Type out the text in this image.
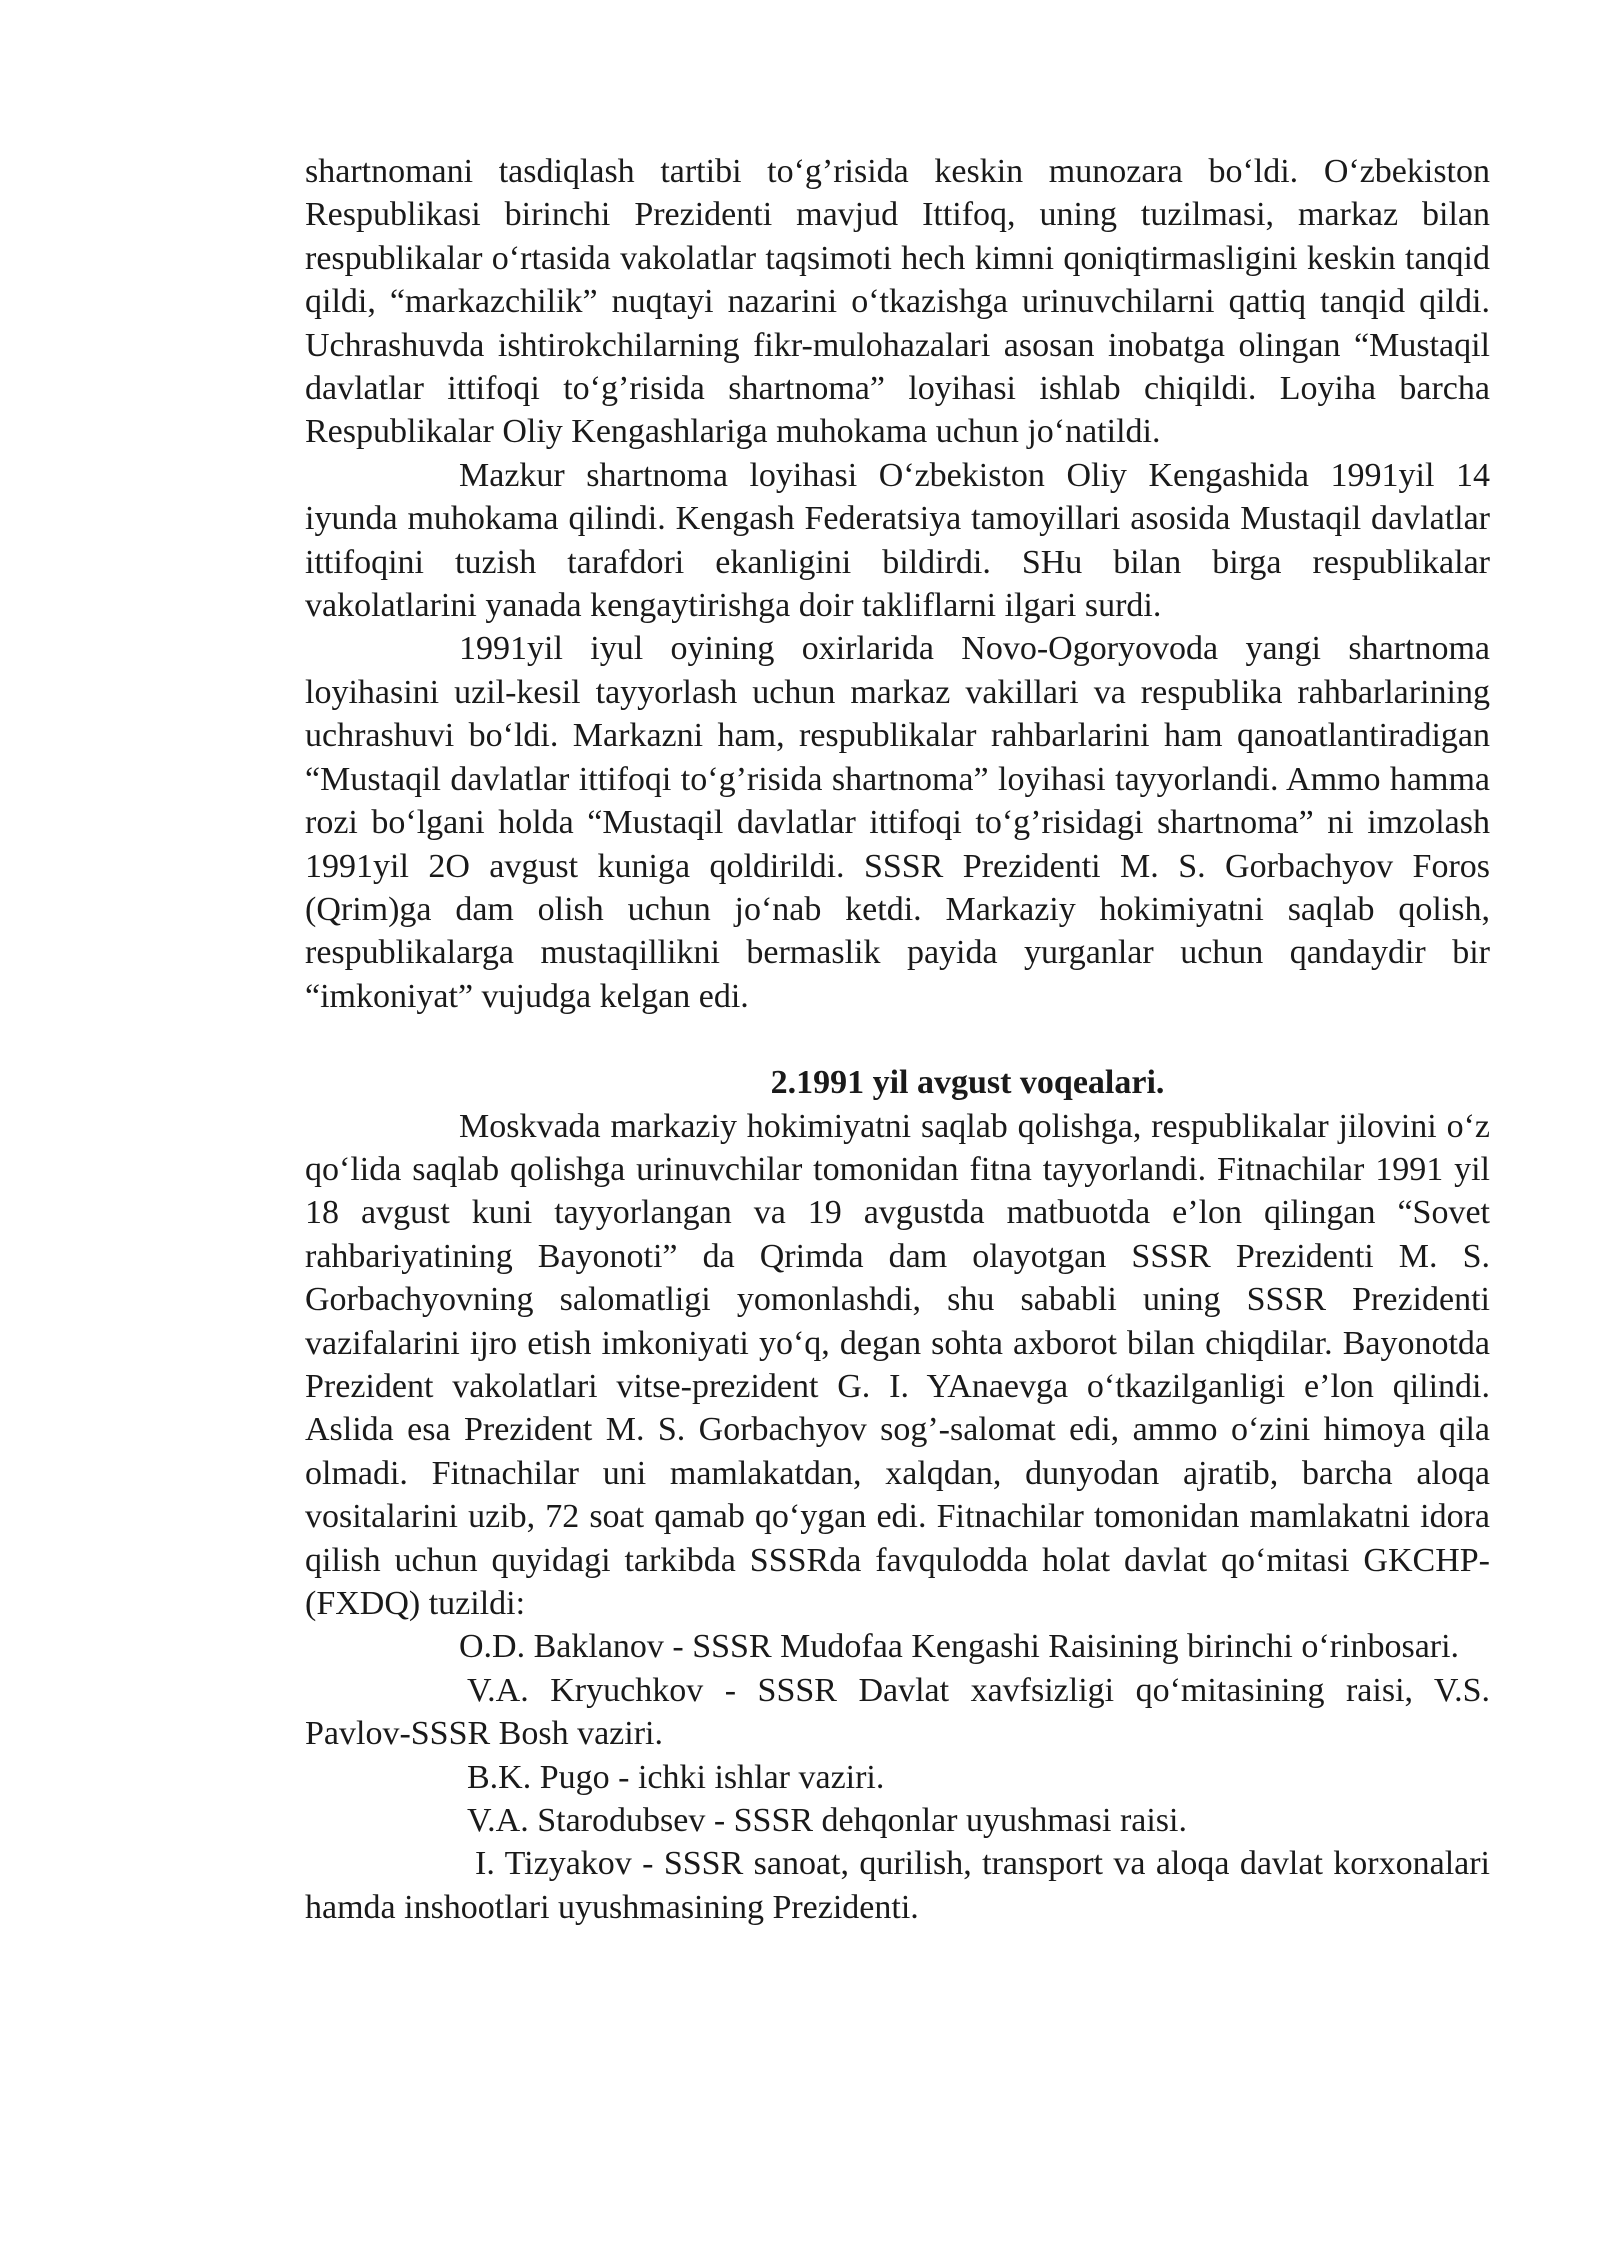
shartnomani tasdiqlash tartibi to‘g’risida keskin munozara bo‘ldi. O‘zbekiston Respublikasi birinchi Prezidenti mavjud Ittifoq, uning tuzilmasi, markaz bilan respublikalar o‘rtasida vakolatlar taqsimoti hech kimni qoniqtirmasligini keskin tanqid qildi, “markazchilik” nuqtayi nazarini o‘tkazishga urinuvchilarni qattiq tanqid qildi. Uchrashuvda ishtirokchilarning fikr-mulohazalari asosan inobatga olingan “Mustaqil davlatlar ittifoqi to‘g’risida shartnoma” loyihasi ishlab chiqildi. Loyiha barcha Respublikalar Oliy Kengashlariga muhokama uchun jo‘natildi.

Mazkur shartnoma loyihasi O‘zbekiston Oliy Kengashida 1991yil 14 iyunda muhokama qilindi. Kengash Federatsiya tamoyillari asosida Mustaqil davlatlar ittifoqini tuzish tarafdori ekanligini bildirdi. SHu bilan birga respublikalar vakolatlarini yanada kengaytirishga doir takliflarni ilgari surdi.

1991yil iyul oyining oxirlarida Novo-Ogoryovoda yangi shartnoma loyihasini uzil-kesil tayyorlash uchun markaz vakillari va respublika rahbarlarining uchrashuvi bo‘ldi. Markazni ham, respublikalar rahbarlarini ham qanoatlantiradigan “Mustaqil davlatlar ittifoqi to‘g’risida shartnoma” loyihasi tayyorlandi. Ammo hamma rozi bo‘lgani holda “Mustaqil davlatlar ittifoqi to‘g’risidagi shartnoma” ni imzolash 1991yil 2O avgust kuniga qoldirildi. SSSR Prezidenti M. S. Gorbachyov Foros (Qrim)ga dam olish uchun jo‘nab ketdi. Markaziy hokimiyatni saqlab qolish, respublikalarga mustaqillikni bermaslik payida yurganlar uchun qandaydir bir “imkoniyat” vujudga kelgan edi.

2.1991 yil avgust voqealari.

Moskvada markaziy hokimiyatni saqlab qolishga, respublikalar jilovini o‘z qo‘lida saqlab qolishga urinuvchilar tomonidan fitna tayyorlandi. Fitnachilar 1991 yil 18 avgust kuni tayyorlangan va 19 avgustda matbuotda e’lon qilingan “Sovet rahbariyatining Bayonoti” da Qrimda dam olayotgan SSSR Prezidenti M. S. Gorbachyovning salomatligi yomonlashdi, shu sababli uning SSSR Prezidenti vazifalarini ijro etish imkoniyati yo‘q, degan sohta axborot bilan chiqdilar. Bayonotda Prezident vakolatlari vitse-prezident G. I. YAnaevga o‘tkazilganligi e’lon qilindi. Aslida esa Prezident M. S. Gorbachyov sog’-salomat edi, ammo o‘zini himoya qila olmadi. Fitnachilar uni mamlakatdan, xalqdan, dunyodan ajratib, barcha aloqa vositalarini uzib, 72 soat qamab qo‘ygan edi. Fitnachilar tomonidan mamlakatni idora qilish uchun quyidagi tarkibda SSSRda favqulodda holat davlat qo‘mitasi GKCHP- (FXDQ) tuzildi:

O.D. Baklanov - SSSR Mudofaa Kengashi Raisining birinchi o‘rinbosari.

V.A. Kryuchkov - SSSR Davlat xavfsizligi qo‘mitasining raisi, V.S. Pavlov-SSSR Bosh vaziri.

B.K. Pugo - ichki ishlar vaziri.

V.A. Starodubsev - SSSR dehqonlar uyushmasi raisi.

I. Tizyakov - SSSR sanoat, qurilish, transport va aloqa davlat korxonalari hamda inshootlari uyushmasining Prezidenti.
